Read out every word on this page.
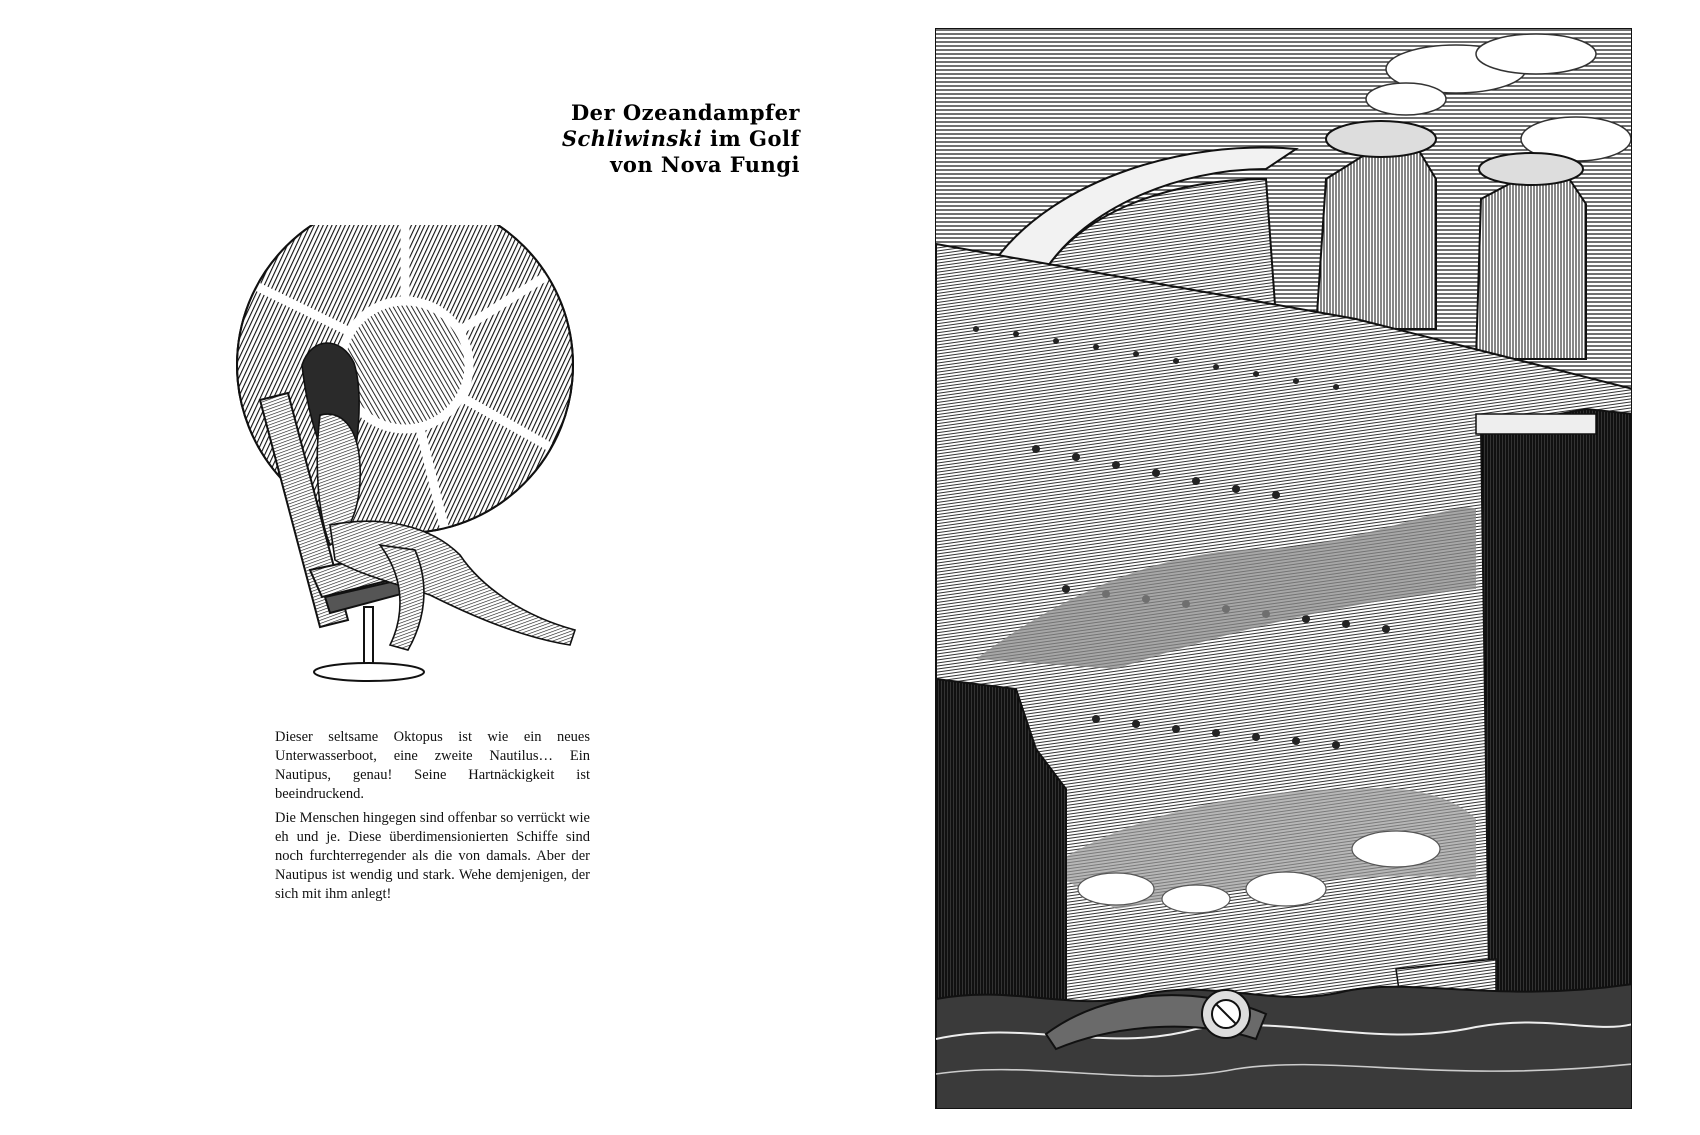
Der Ozeandampfer
Schliwinski im Golf
von Nova Fungi

Dieser seltsame Oktopus ist wie ein neues Unterwasserboot, eine zweite Nautilus… Ein Nautipus, genau! Seine Hartnäckigkeit ist beeindruckend.

Die Menschen hingegen sind offenbar so verrückt wie eh und je. Diese überdimensionierten Schiffe sind noch furchterregender als die von damals. Aber der Nautipus ist wendig und stark. Wehe demjenigen, der sich mit ihm anlegt!
